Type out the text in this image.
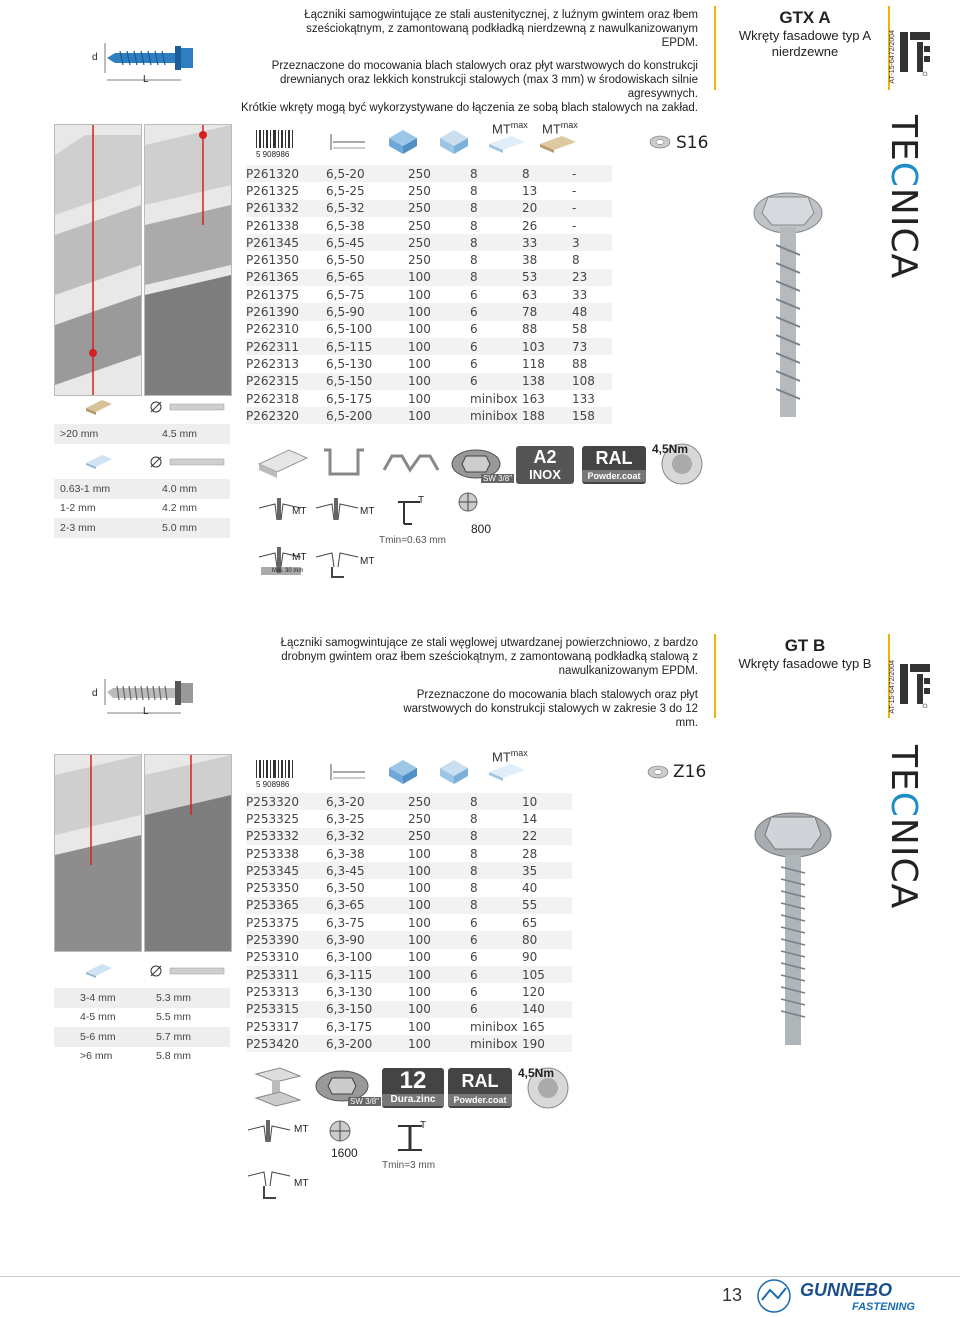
d
L
Łączniki samogwintujące ze stali austenitycznej, z luźnym gwintem oraz łbem sześciokątnym, z zamontowaną podkładką nierdzewną z nawulkanizowanym EPDM.
Przeznaczone do mocowania blach stalowych oraz płyt warstwowych do konstrukcji drewnianych oraz lekkich konstrukcji stalowych (max 3 mm) w środowiskach silnie agresywnych.
Krótkie wkręty mogą być wykorzystywane do łączenia ze sobą blach stalowych na zakład.
GTX A
Wkręty fasadowe typ A
nierdzewne	AT-15-6472/2004
>20 mm	4.5 mm
0.63-1 mm	4.0 mm
1-2 mm	4.2 mm
2-3 mm	5.0 mm
5 908986
$MT^{max}$ $MT^{max}$
S16
P261320	6,5-20	250	8	8	-
P261325	6,5-25	250	8	13	-
P261332	6,5-32	250	8	20	-
P261338	6,5-38	250	8	26	-
P261345	6,5-45	250	8	33	3
P261350	6,5-50	250	8	38	8
P261365	6,5-65	100	8	53	23
P261375	6,5-75	100	6	63	33
P261390	6,5-90	100	6	78	48
P262310	6,5-100	100	6	88	58
P262311	6,5-115	100	6	103	73
P262313	6,5-130	100	6	118	88
P262315	6,5-150	100	6	138	108
P262318	6,5-175	100	minibox	163	133
P262320	6,5-200	100	minibox	188	158
TECNICA
SW 3/8"
A2
INOX
RAL
Powder.coat
4,5Nm
MT	MT
T
Tmin=0.63 mm
800
MT
Min. 30 mm
MT
d
L
Łączniki samogwintujące ze stali węglowej utwardzanej powierzchniowo, z bardzo drobnym gwintem oraz łbem sześciokątnym, z zamontowaną podkładką stalową z nawulkanizowanym EPDM.
Przeznaczone do mocowania blach stalowych oraz płyt warstwowych do konstrukcji stalowych w zakresie 3 do 12 mm.
GT B
Wkręty fasadowe typ B	AT-15-6472/2004
3-4 mm	5.3 mm
4-5 mm	5.5 mm
5-6 mm	5.7 mm
>6 mm	5.8 mm
5 908986
$MT^{max}$
Z16
P253320	6,3-20	250	8	10
P253325	6,3-25	250	8	14
P253332	6,3-32	250	8	22
P253338	6,3-38	100	8	28
P253345	6,3-45	100	8	35
P253350	6,3-50	100	8	40
P253365	6,3-65	100	8	55
P253375	6,3-75	100	6	65
P253390	6,3-90	100	6	80
P253310	6,3-100	100	6	90
P253311	6,3-115	100	6	105
P253313	6,3-130	100	6	120
P253315	6,3-150	100	6	140
P253317	6,3-175	100	minibox	165
P253420	6,3-200	100	minibox	190
TECNICA
SW 3/8"
12
Dura.zinc
RAL
Powder.coat
4,5Nm
MT
MT
1600
T
Tmin=3 mm
13	GUNNEBO
FASTENING
